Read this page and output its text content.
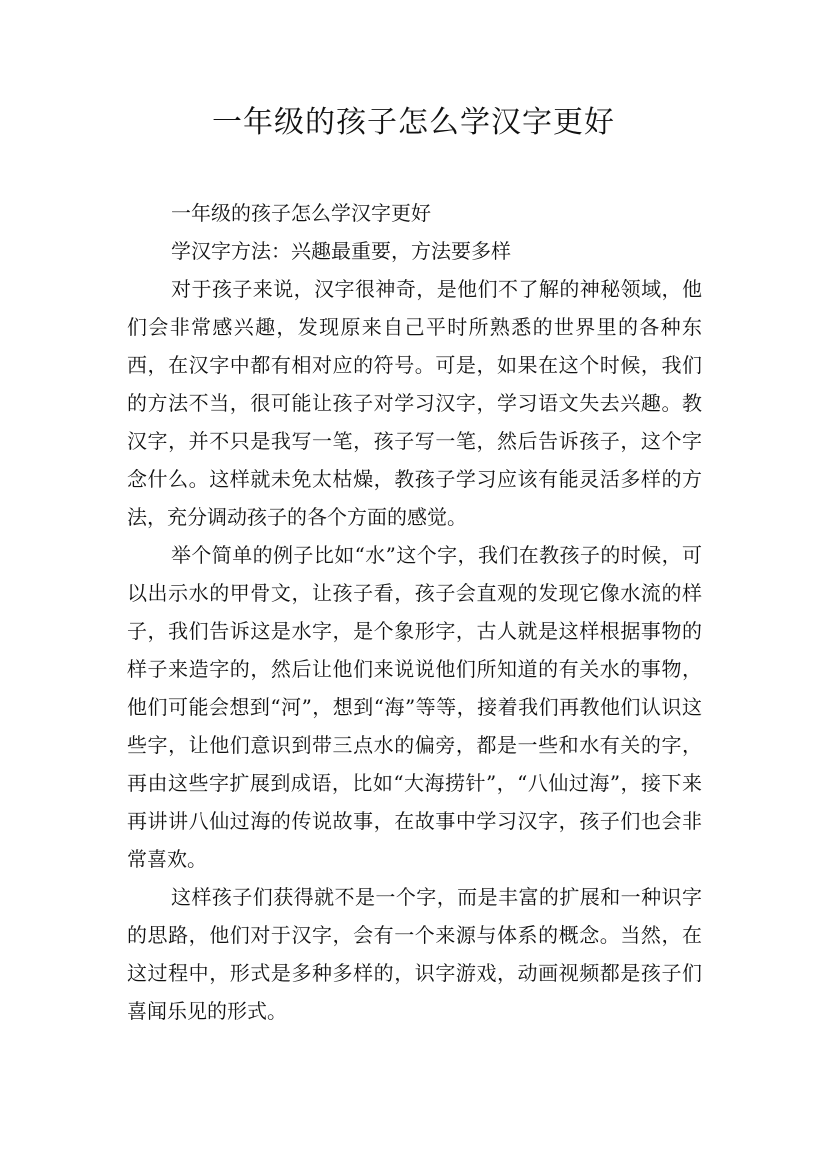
一年级的孩子怎么学汉字更好

一年级的孩子怎么学汉字更好

学汉字方法：兴趣最重要，方法要多样

对于孩子来说，汉字很神奇，是他们不了解的神秘领域，他们会非常感兴趣，发现原来自己平时所熟悉的世界里的各种东西，在汉字中都有相对应的符号。可是，如果在这个时候，我们的方法不当，很可能让孩子对学习汉字，学习语文失去兴趣。教汉字，并不只是我写一笔，孩子写一笔，然后告诉孩子，这个字念什么。这样就未免太枯燥，教孩子学习应该有能灵活多样的方法，充分调动孩子的各个方面的感觉。

举个简单的例子比如“水”这个字，我们在教孩子的时候，可以出示水的甲骨文，让孩子看，孩子会直观的发现它像水流的样子，我们告诉这是水字，是个象形字，古人就是这样根据事物的样子来造字的，然后让他们来说说他们所知道的有关水的事物，他们可能会想到“河”，想到“海”等等，接着我们再教他们认识这些字，让他们意识到带三点水的偏旁，都是一些和水有关的字，再由这些字扩展到成语，比如“大海捞针”，“八仙过海”，接下来再讲讲八仙过海的传说故事，在故事中学习汉字，孩子们也会非常喜欢。

这样孩子们获得就不是一个字，而是丰富的扩展和一种识字的思路，他们对于汉字，会有一个来源与体系的概念。当然，在这过程中，形式是多种多样的，识字游戏，动画视频都是孩子们喜闻乐见的形式。
